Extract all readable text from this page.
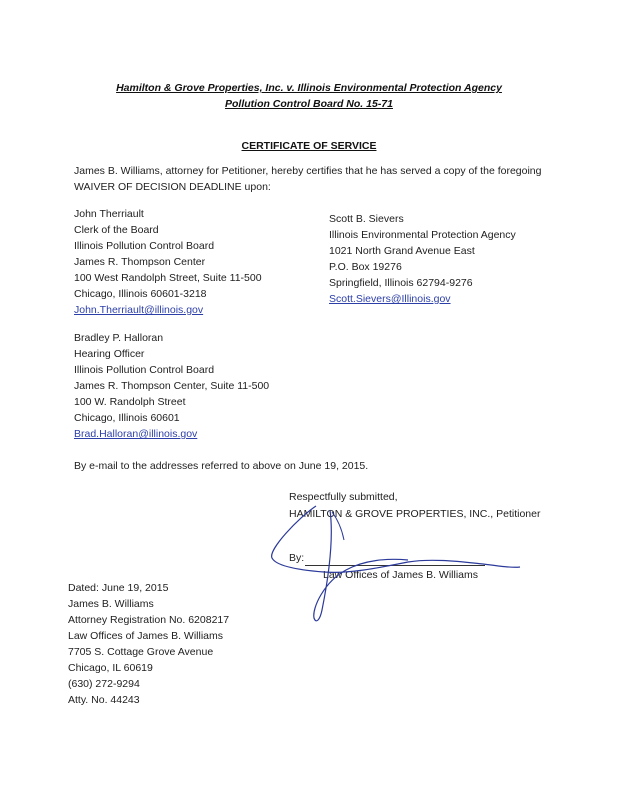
Hamilton & Grove Properties, Inc. v. Illinois Environmental Protection Agency
Pollution Control Board No. 15-71
CERTIFICATE OF SERVICE
James B. Williams, attorney for Petitioner, hereby certifies that he has served a copy of the foregoing
WAIVER OF DECISION DEADLINE upon:
John Therriault
Clerk of the Board
Illinois Pollution Control Board
James R. Thompson Center
100 West Randolph Street, Suite 11-500
Chicago, Illinois 60601-3218
John.Therriault@illinois.gov
Scott B. Sievers
Illinois Environmental Protection Agency
1021 North Grand Avenue East
P.O. Box 19276
Springfield, Illinois 62794-9276
Scott.Sievers@Illinois.gov
Bradley P. Halloran
Hearing Officer
Illinois Pollution Control Board
James R. Thompson Center, Suite 11-500
100 W. Randolph Street
Chicago, Illinois 60601
Brad.Halloran@illinois.gov
By e-mail to the addresses referred to above on June 19, 2015.
Respectfully submitted,
HAMILTON & GROVE PROPERTIES, INC., Petitioner
By:
Law Offices of James B. Williams
Dated: June 19, 2015
James B. Williams
Attorney Registration No. 6208217
Law Offices of James B. Williams
7705 S. Cottage Grove Avenue
Chicago, IL 60619
(630) 272-9294
Atty. No. 44243
